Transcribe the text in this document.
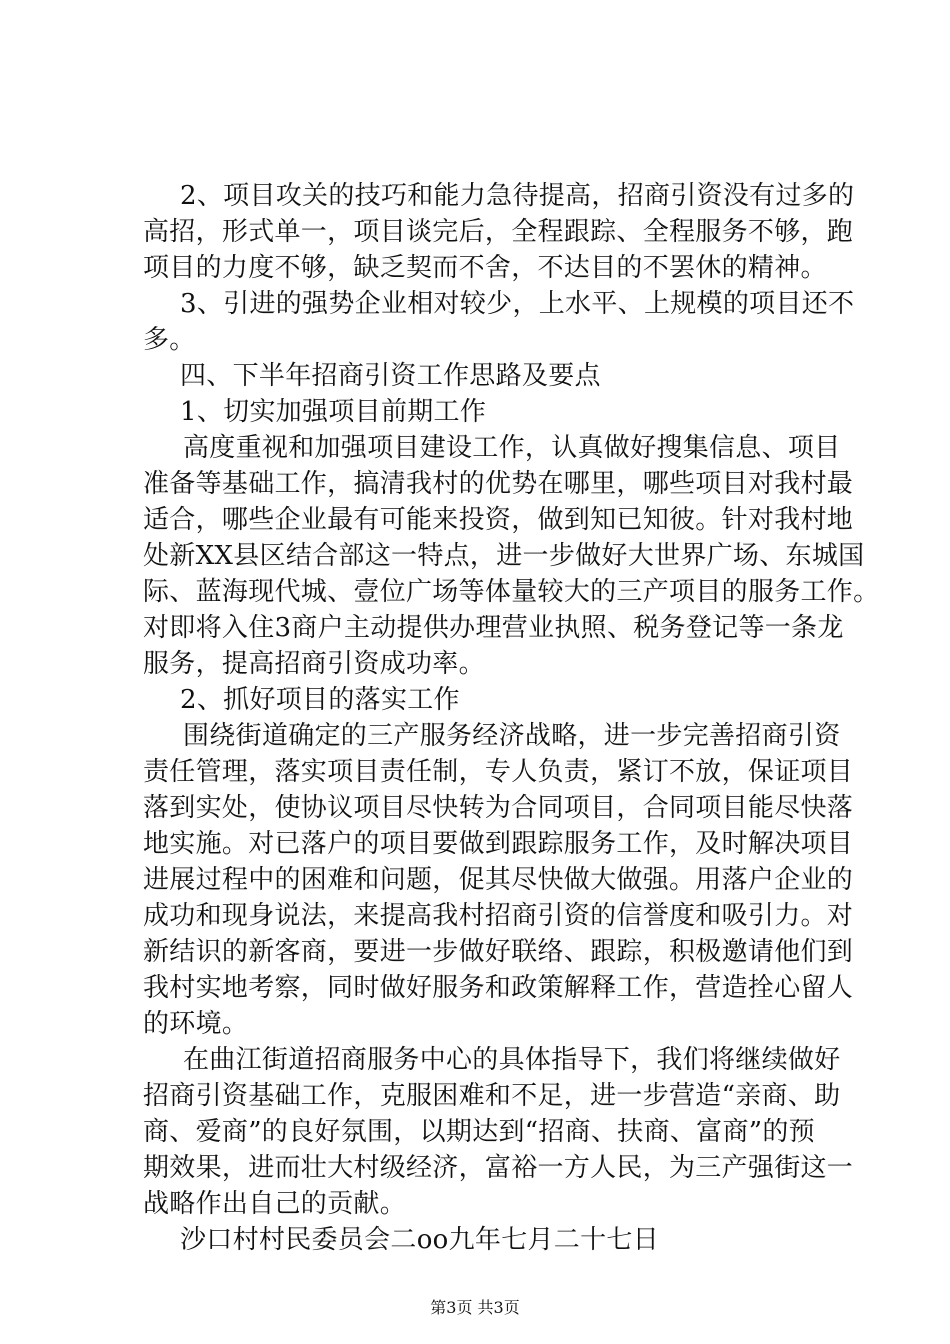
2、项目攻关的技巧和能力急待提高，招商引资没有过多的
高招，形式单一，项目谈完后，全程跟踪、全程服务不够，跑
项目的力度不够，缺乏契而不舍，不达目的不罢休的精神。
3、引进的强势企业相对较少，上水平、上规模的项目还不
多。
四、下半年招商引资工作思路及要点
1、切实加强项目前期工作
高度重视和加强项目建设工作，认真做好搜集信息、项目
准备等基础工作，搞清我村的优势在哪里，哪些项目对我村最
适合，哪些企业最有可能来投资，做到知已知彼。针对我村地
处新XX县区结合部这一特点，进一步做好大世界广场、东城国
际、蓝海现代城、壹位广场等体量较大的三产项目的服务工作。
对即将入住3商户主动提供办理营业执照、税务登记等一条龙
服务，提高招商引资成功率。
2、抓好项目的落实工作
围绕街道确定的三产服务经济战略，进一步完善招商引资
责任管理，落实项目责任制，专人负责，紧订不放，保证项目
落到实处，使协议项目尽快转为合同项目，合同项目能尽快落
地实施。对已落户的项目要做到跟踪服务工作，及时解决项目
进展过程中的困难和问题，促其尽快做大做强。用落户企业的
成功和现身说法，来提高我村招商引资的信誉度和吸引力。对
新结识的新客商，要进一步做好联络、跟踪，积极邀请他们到
我村实地考察，同时做好服务和政策解释工作，营造拴心留人
的环境。
在曲江街道招商服务中心的具体指导下，我们将继续做好
招商引资基础工作，克服困难和不足，进一步营造“亲商、助
商、爱商”的良好氛围，以期达到“招商、扶商、富商”的预
期效果，进而壮大村级经济，富裕一方人民，为三产强街这一
战略作出自己的贡献。
沙口村村民委员会二oo九年七月二十七日
第3页 共3页
